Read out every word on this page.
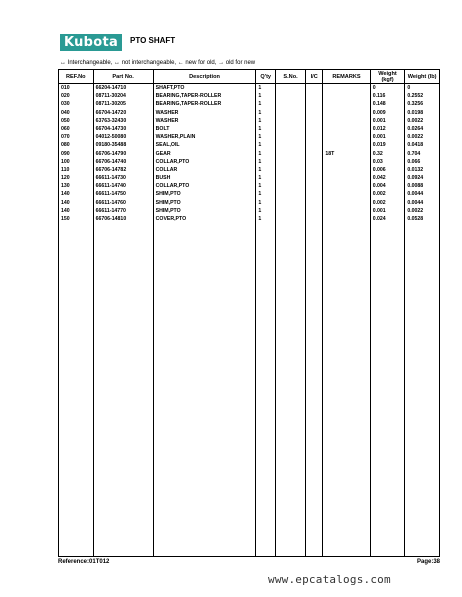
Kubota	PTO SHAFT
↔ Interchangeable, ↔ not interchangeable, ← new for old, → old for new
REF.No	Part No.	Description	Q'ty	S.No.	I/C	REMARKS	Weight (kgf)	Weight (lb)
010	66204-14710	SHAFT,PTO	1				0	0
020	08711-30204	BEARING,TAPER-ROLLER	1				0.116	0.2552
030	08711-30205	BEARING,TAPER-ROLLER	1				0.148	0.3256
040	66704-14720	WASHER	1				0.009	0.0198
050	63763-32430	WASHER	1				0.001	0.0022
060	66704-14730	BOLT	1				0.012	0.0264
070	04012-50080	WASHER,PLAIN	1				0.001	0.0022
080	09180-35488	SEAL,OIL	1				0.019	0.0418
090	66706-14790	GEAR	1			18T	0.32	0.704
100	66706-14740	COLLAR,PTO	1				0.03	0.066
110	66706-14782	COLLAR	1				0.006	0.0132
120	66611-14730	BUSH	1				0.042	0.0924
130	66611-14740	COLLAR,PTO	1				0.004	0.0088
140	66611-14750	SHIM,PTO	1				0.002	0.0044
140	66611-14760	SHIM,PTO	1				0.002	0.0044
140	66611-14770	SHIM,PTO	1				0.001	0.0022
150	66706-14810	COVER,PTO	1				0.024	0.0528

Reference:01T012	Page:38
www.epcatalogs.com
